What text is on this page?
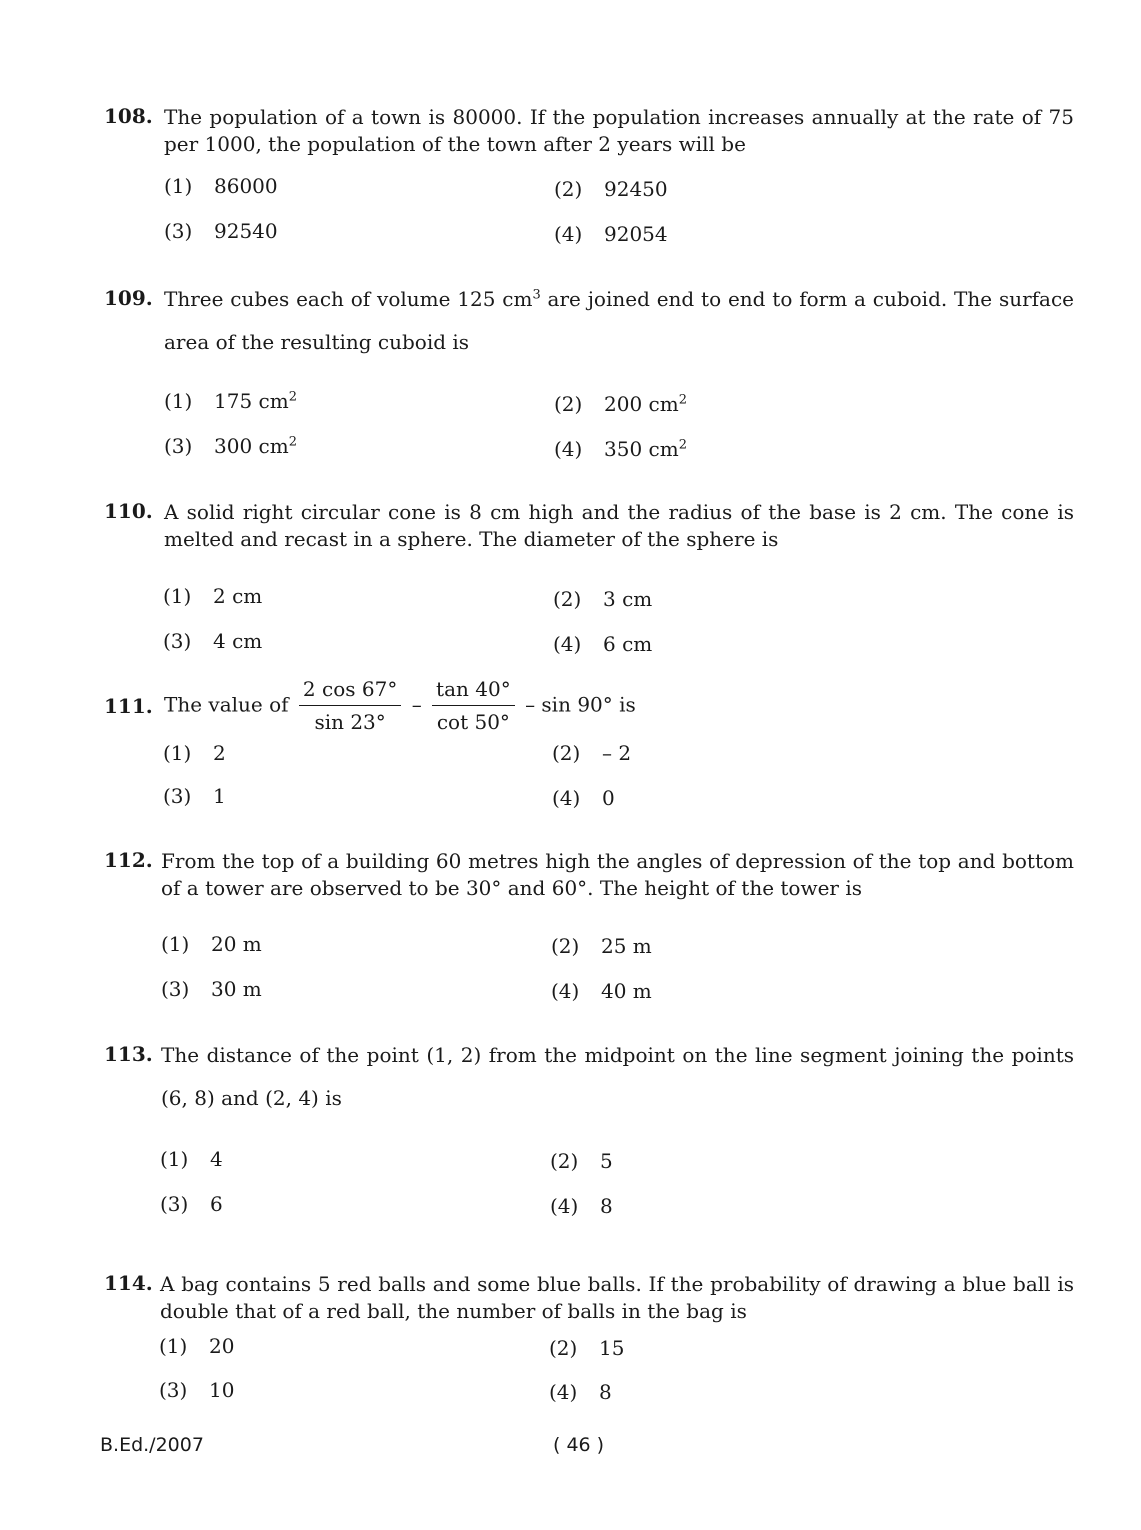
108. The population of a town is 80000. If the population increases annually at the rate of 75 per 1000, the population of the town after 2 years will be
(1) 86000	(2) 92450
(3) 92540	(4) 92054
109. Three cubes each of volume 125 $cm^3$ are joined end to end to form a cuboid. The surface area of the resulting cuboid is
(1) 175 $cm^2$	(2) 200 $cm^2$
(3) 300 $cm^2$	(4) 350 $cm^2$
110. A solid right circular cone is 8 cm high and the radius of the base is 2 cm. The cone is melted and recast in a sphere. The diameter of the sphere is
(1) 2 cm	(2) 3 cm
(3) 4 cm	(4) 6 cm
111. The value of $\frac{2 \cos 67^\circ}{\sin 23^\circ} - \frac{\tan 40^\circ}{\cot 50^\circ}$ – sin 90° is
(1) 2	(2) – 2
(3) 1	(4) 0
112. From the top of a building 60 metres high the angles of depression of the top and bottom of a tower are observed to be 30° and 60°. The height of the tower is
(1) 20 m	(2) 25 m
(3) 30 m	(4) 40 m
113. The distance of the point (1, 2) from the midpoint on the line segment joining the points (6, 8) and (2, 4) is
(1) 4	(2) 5
(3) 6	(4) 8
114. A bag contains 5 red balls and some blue balls. If the probability of drawing a blue ball is double that of a red ball, the number of balls in the bag is
(1) 20	(2) 15
(3) 10	(4) 8
B.Ed./2007	( 46 )
